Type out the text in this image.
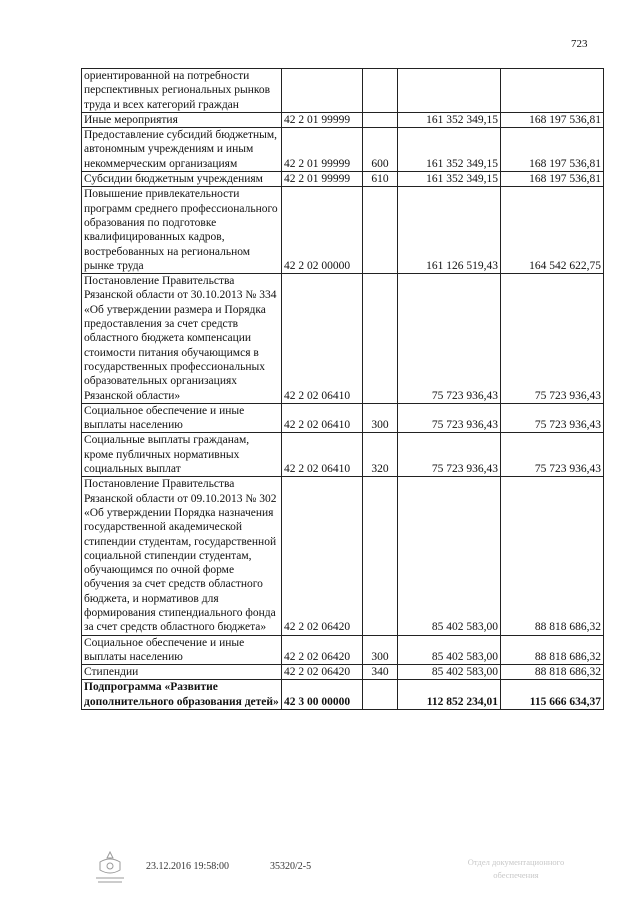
723
ориентированной на потребности перспективных региональных рынков труда и всех категорий граждан				
Иные мероприятия	42 2 01 99999		161 352 349,15	168 197 536,81
Предоставление субсидий бюджетным, автономным учреждениям и иным некоммерческим организациям	42 2 01 99999	600	161 352 349,15	168 197 536,81
Субсидии бюджетным учреждениям	42 2 01 99999	610	161 352 349,15	168 197 536,81
Повышение привлекательности программ среднего профессионального образования по подготовке квалифицированных кадров, востребованных на региональном рынке труда	42 2 02 00000		161 126 519,43	164 542 622,75
Постановление Правительства Рязанской области от 30.10.2013 № 334 «Об утверждении размера и Порядка предоставления за счет средств областного бюджета компенсации стоимости питания обучающимся в государственных профессиональных образовательных организациях Рязанской области»	42 2 02 06410		75 723 936,43	75 723 936,43
Социальное обеспечение и иные выплаты населению	42 2 02 06410	300	75 723 936,43	75 723 936,43
Социальные выплаты гражданам, кроме публичных нормативных социальных выплат	42 2 02 06410	320	75 723 936,43	75 723 936,43
Постановление Правительства Рязанской области от 09.10.2013 № 302 «Об утверждении Порядка назначения государственной академической стипендии студентам, государственной социальной стипендии студентам, обучающимся по очной форме обучения за счет средств областного бюджета, и нормативов для формирования стипендиального фонда за счет средств областного бюджета»	42 2 02 06420		85 402 583,00	88 818 686,32
Социальное обеспечение и иные выплаты населению	42 2 02 06420	300	85 402 583,00	88 818 686,32
Стипендии	42 2 02 06420	340	85 402 583,00	88 818 686,32
Подпрограмма «Развитие дополнительного образования детей»	42 3 00 00000		112 852 234,01	115 666 634,37
23.12.2016 19:58:00	35320/2-5	Отдел документационного обеспечения
